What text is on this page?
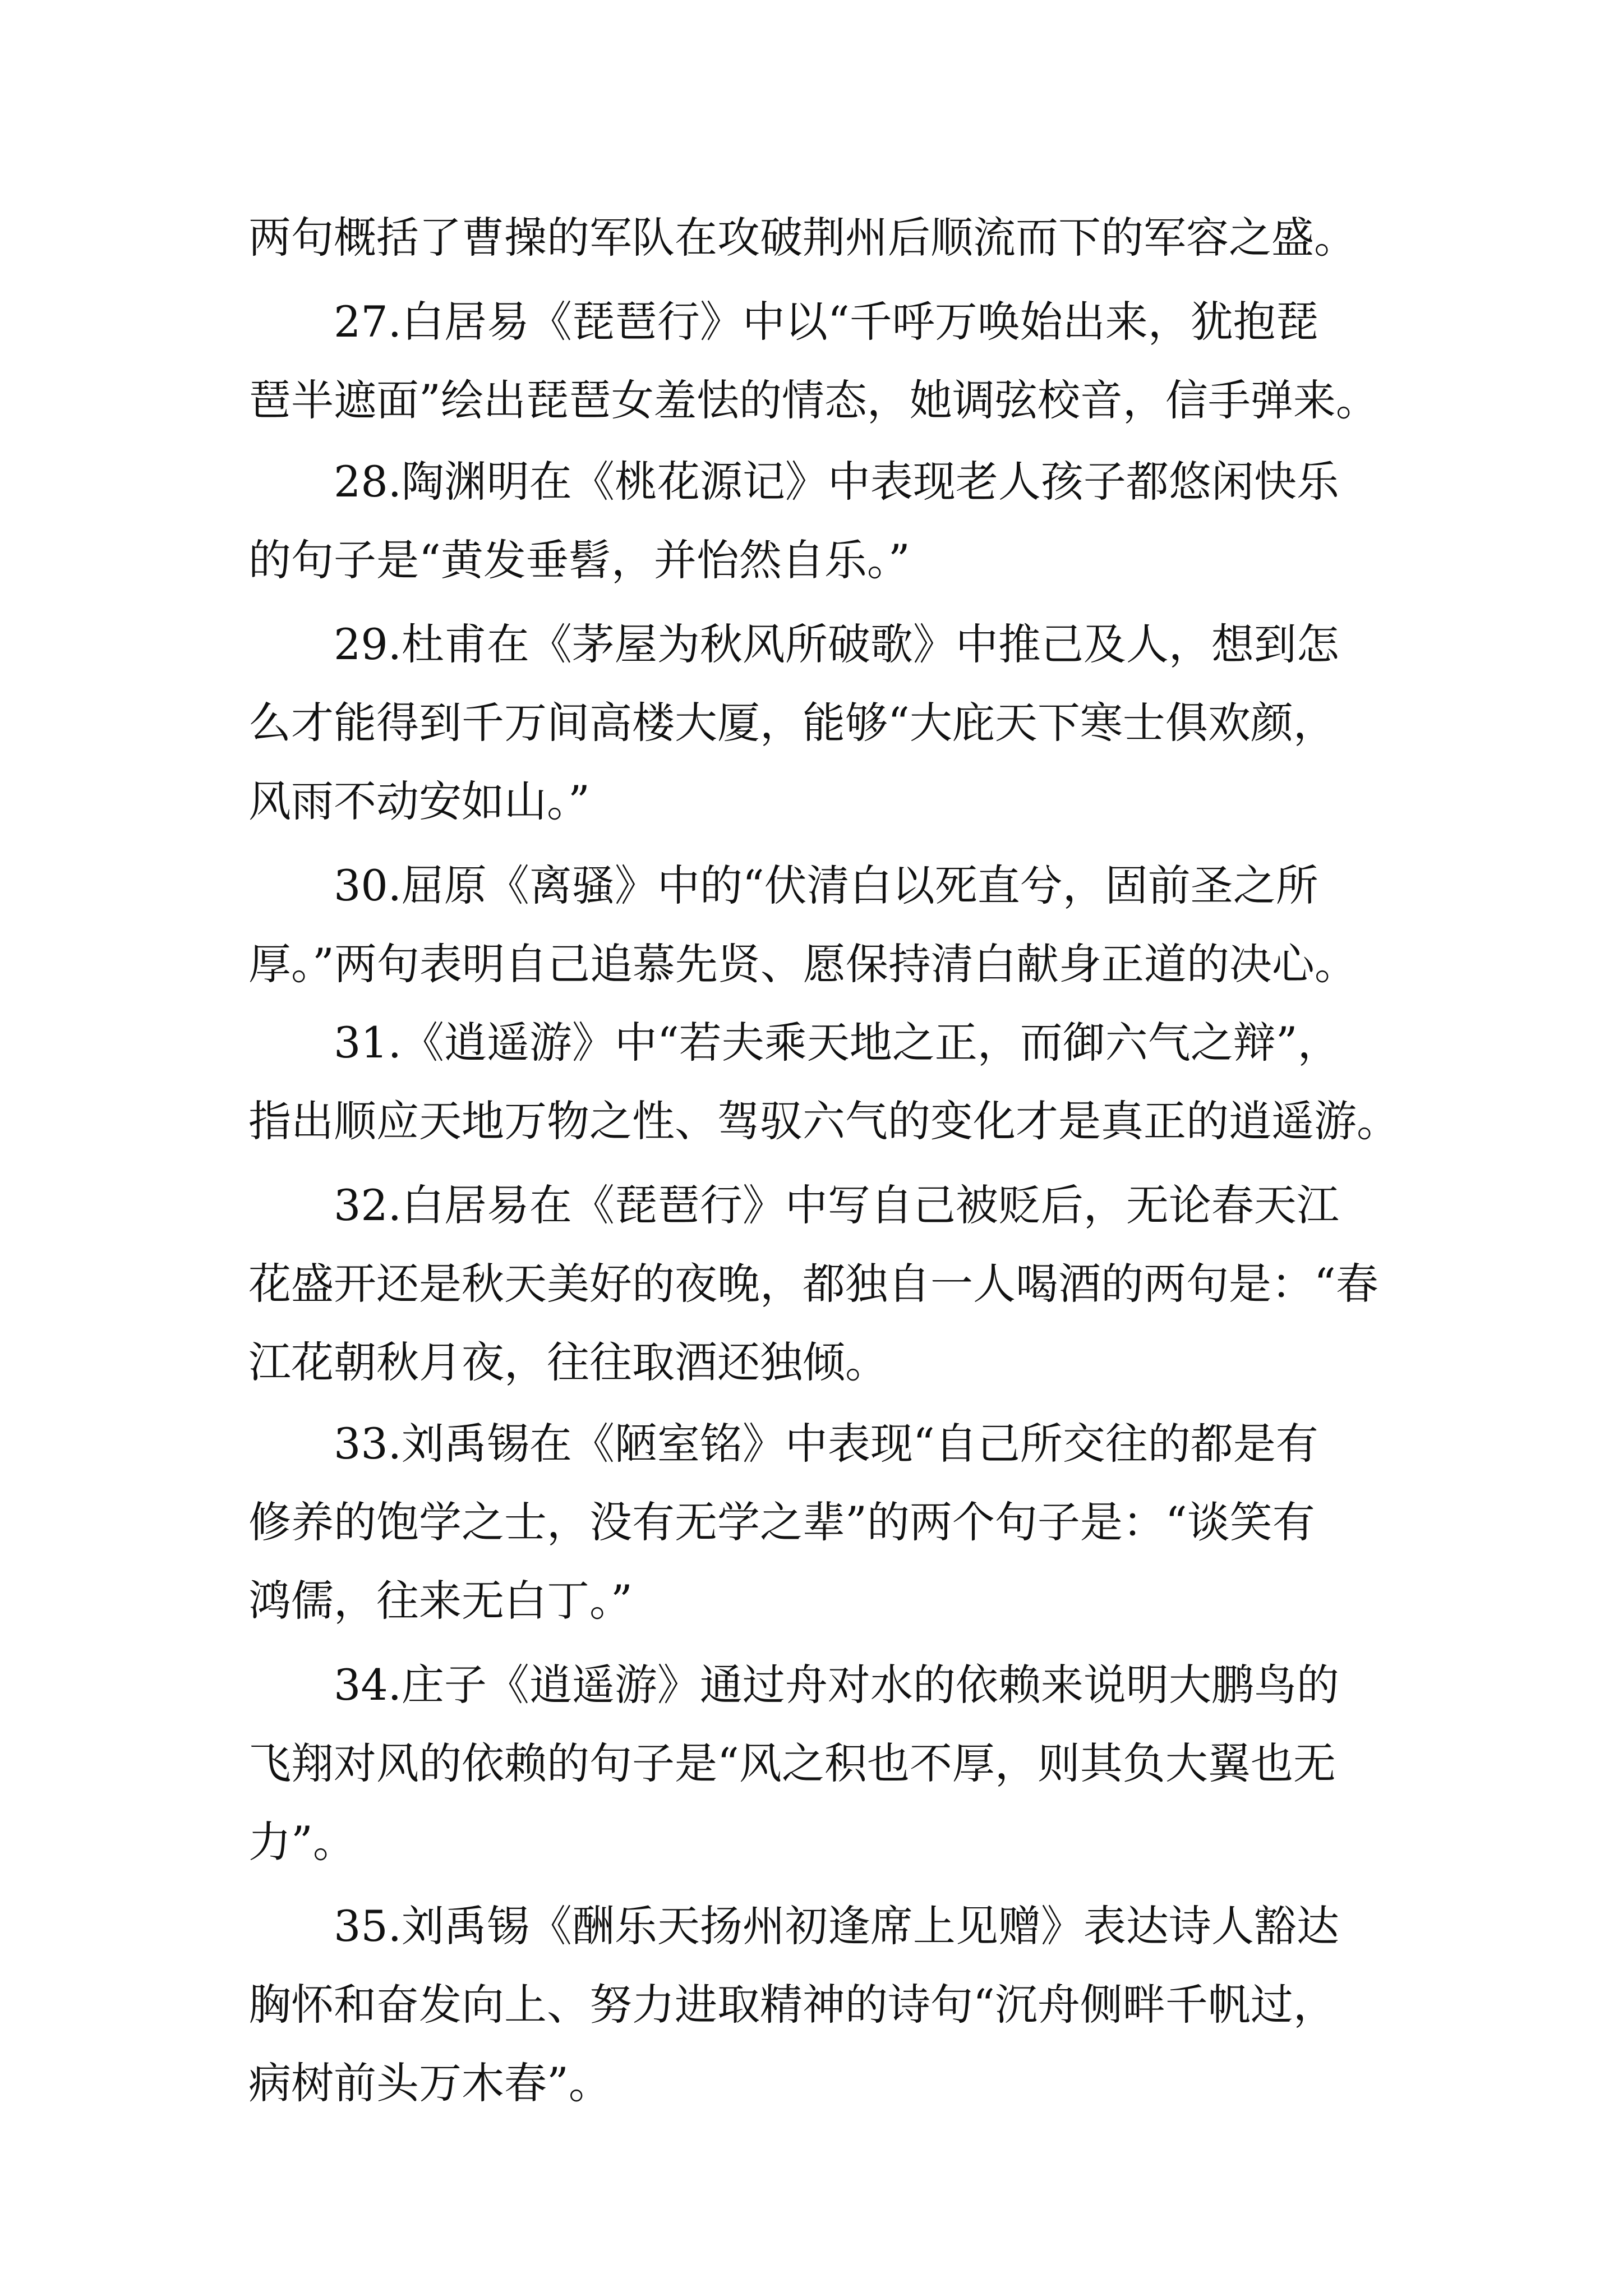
两句概括了曹操的军队在攻破荆州后顺流而下的军容之盛。
27.白居易《琵琶行》中以“千呼万唤始出来，犹抱琵
琶半遮面”绘出琵琶女羞怯的情态，她调弦校音，信手弹来。
28.陶渊明在《桃花源记》中表现老人孩子都悠闲快乐
的句子是“黄发垂髫，并怡然自乐。”
29.杜甫在《茅屋为秋风所破歌》中推己及人，想到怎
么才能得到千万间高楼大厦，能够“大庇天下寒士俱欢颜，
风雨不动安如山。”
30.屈原《离骚》中的“伏清白以死直兮，固前圣之所
厚。”两句表明自己追慕先贤、愿保持清白献身正道的决心。
31.《逍遥游》中“若夫乘天地之正，而御六气之辩”，
指出顺应天地万物之性、驾驭六气的变化才是真正的逍遥游。
32.白居易在《琵琶行》中写自己被贬后，无论春天江
花盛开还是秋天美好的夜晚，都独自一人喝酒的两句是：“春
江花朝秋月夜，往往取酒还独倾。
33.刘禹锡在《陋室铭》中表现“自己所交往的都是有
修养的饱学之士，没有无学之辈”的两个句子是：“谈笑有
鸿儒，往来无白丁。”
34.庄子《逍遥游》通过舟对水的依赖来说明大鹏鸟的
飞翔对风的依赖的句子是“风之积也不厚，则其负大翼也无
力”。
35.刘禹锡《酬乐天扬州初逢席上见赠》表达诗人豁达
胸怀和奋发向上、努力进取精神的诗句“沉舟侧畔千帆过，
病树前头万木春”。
